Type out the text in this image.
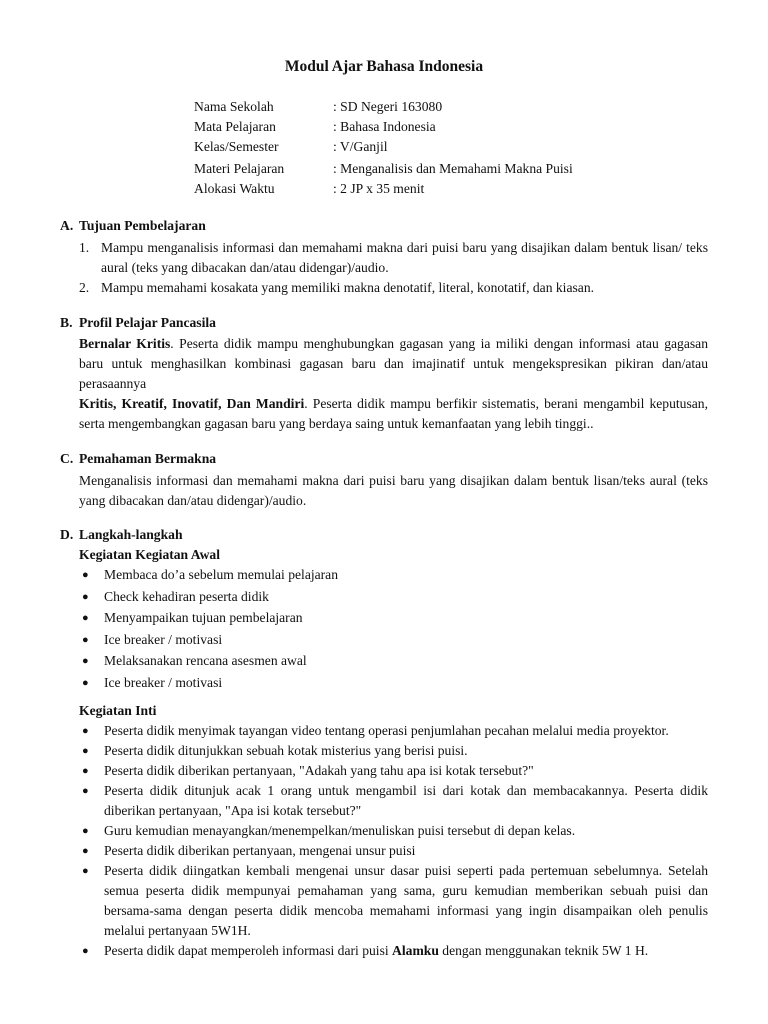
Modul Ajar Bahasa Indonesia
Nama Sekolah	: SD Negeri 163080
Mata Pelajaran	: Bahasa Indonesia
Kelas/Semester	: V/Ganjil
Materi Pelajaran	: Menganalisis dan Memahami Makna Puisi
Alokasi Waktu	: 2 JP x 35 menit
A. Tujuan Pembelajaran
1. Mampu menganalisis informasi dan memahami makna dari puisi baru yang disajikan dalam bentuk lisan/ teks aural (teks yang dibacakan dan/atau didengar)/audio.
2. Mampu memahami kosakata yang memiliki makna denotatif, literal, konotatif, dan kiasan.
B. Profil Pelajar Pancasila
Bernalar Kritis. Peserta didik mampu menghubungkan gagasan yang ia miliki dengan informasi atau gagasan baru untuk menghasilkan kombinasi gagasan baru dan imajinatif untuk mengekspresikan pikiran dan/atau perasaannya
Kritis, Kreatif, Inovatif, Dan Mandiri. Peserta didik mampu berfikir sistematis, berani mengambil keputusan, serta mengembangkan gagasan baru yang berdaya saing untuk kemanfaatan yang lebih tinggi..
C. Pemahaman Bermakna
Menganalisis informasi dan memahami makna dari puisi baru yang disajikan dalam bentuk lisan/teks aural (teks yang dibacakan dan/atau didengar)/audio.
D. Langkah-langkah
Kegiatan Kegiatan Awal
●	Membaca do’a sebelum memulai pelajaran
●	Check kehadiran peserta didik
●	Menyampaikan tujuan pembelajaran
●	Ice breaker / motivasi
●	Melaksanakan rencana asesmen awal
●	Ice breaker / motivasi
Kegiatan Inti
●	Peserta didik menyimak tayangan video tentang operasi penjumlahan pecahan melalui media proyektor.
●	Peserta didik ditunjukkan sebuah kotak misterius yang berisi puisi.
●	Peserta didik diberikan pertanyaan, "Adakah yang tahu apa isi kotak tersebut?"
●	Peserta didik ditunjuk acak 1 orang untuk mengambil isi dari kotak dan membacakannya. Peserta didik diberikan pertanyaan, "Apa isi kotak tersebut?"
●	Guru kemudian menayangkan/menempelkan/menuliskan puisi tersebut di depan kelas.
●	Peserta didik diberikan pertanyaan, mengenai unsur puisi
●	Peserta didik diingatkan kembali mengenai unsur dasar puisi seperti pada pertemuan sebelumnya. Setelah semua peserta didik mempunyai pemahaman yang sama, guru kemudian memberikan sebuah puisi dan bersama-sama dengan peserta didik mencoba memahami informasi yang ingin disampaikan oleh penulis melalui pertanyaan 5W1H.
●	Peserta didik dapat memperoleh informasi dari puisi Alamku dengan menggunakan teknik 5W 1 H.
